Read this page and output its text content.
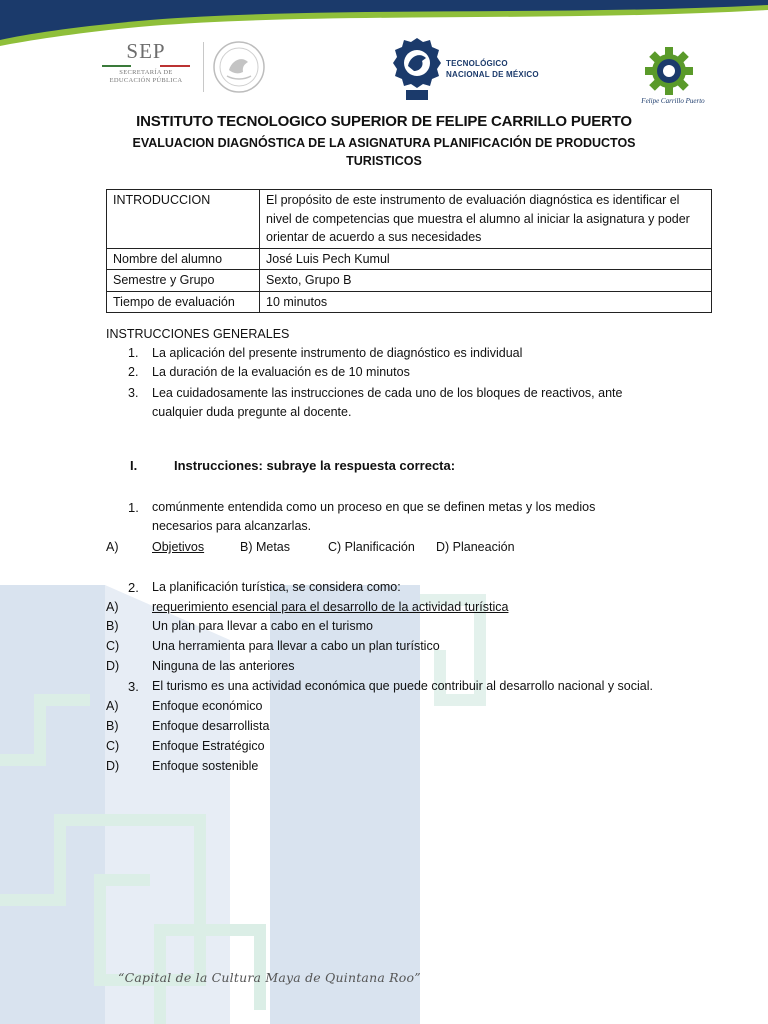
SEP
SECRETARÍA DE
EDUCACIÓN PÚBLICA
TECNOLÓGICO
NACIONAL DE MÉXICO
Felipe Carrillo Puerto
INSTITUTO TECNOLOGICO SUPERIOR DE FELIPE CARRILLO PUERTO
EVALUACION DIAGNÓSTICA DE LA ASIGNATURA PLANIFICACIÓN DE PRODUCTOS TURISTICOS
INTRODUCCION	El propósito de este instrumento de evaluación diagnóstica es identificar el nivel de competencias que muestra el alumno al iniciar la asignatura y poder orientar de acuerdo a sus necesidades
Nombre del alumno	José Luis Pech Kumul
Semestre y Grupo	Sexto, Grupo B
Tiempo de evaluación	10 minutos
INSTRUCCIONES GENERALES
1. La aplicación del presente instrumento de diagnóstico es individual
2. La duración de la evaluación es de 10 minutos
3. Lea cuidadosamente las instrucciones de cada uno de los bloques de reactivos, ante cualquier duda pregunte al docente.
I.	Instrucciones: subraye la respuesta correcta:
1. comúnmente entendida como un proceso en que se definen metas y los medios necesarios para alcanzarlas.
A)	Objetivos	B) Metas	C) Planificación D) Planeación
2. La planificación turística, se considera como:
A)	requerimiento esencial para el desarrollo de la actividad turística
B)	Un plan para llevar a cabo en el turismo
C)	Una herramienta para llevar a cabo un plan turístico
D)	Ninguna de las anteriores
3. El turismo es una actividad económica que puede contribuir al desarrollo nacional y social.
A)	Enfoque económico
B)	Enfoque desarrollista
C)	Enfoque Estratégico
D)	Enfoque sostenible
“Capital de la Cultura Maya de Quintana Roo”
